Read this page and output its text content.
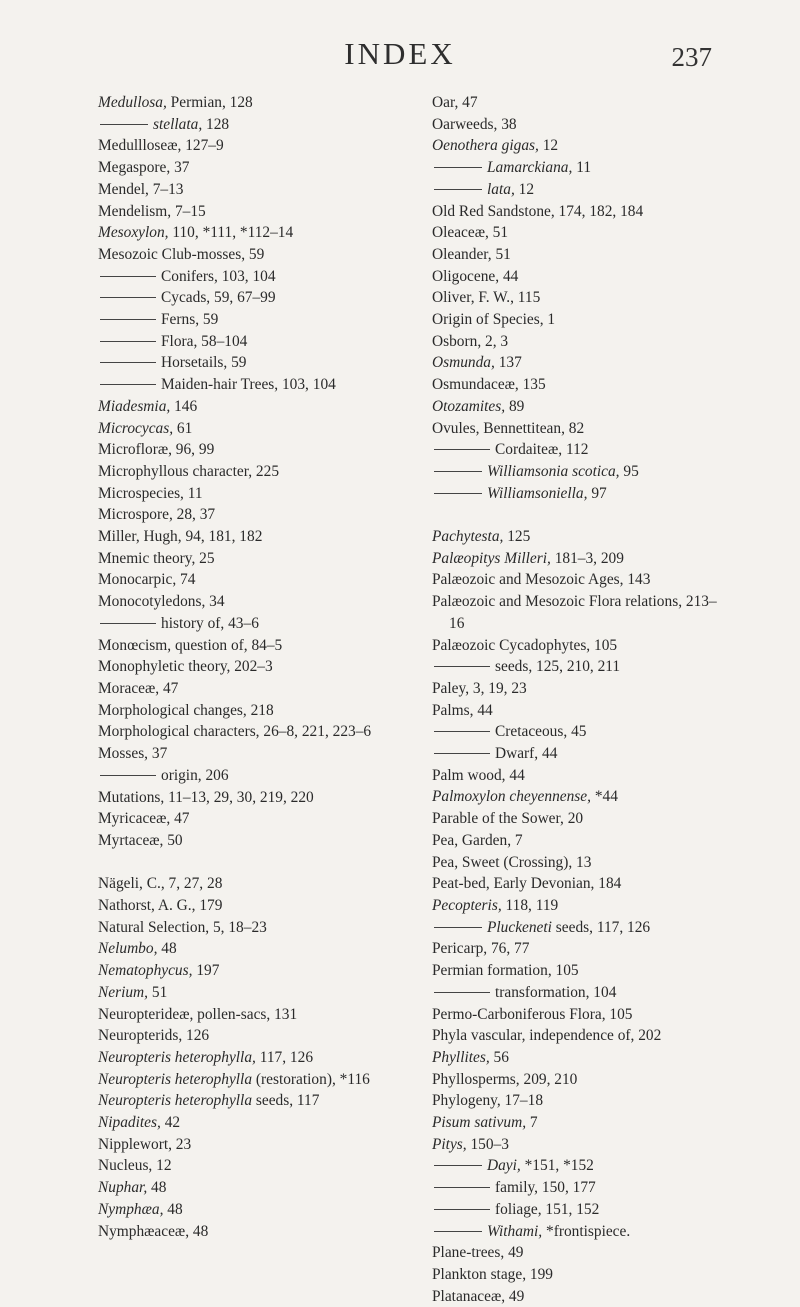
INDEX	237
Medullosa, Permian, 128
stellata, 128
Medullloseæ, 127–9
Megaspore, 37
Mendel, 7–13
Mendelism, 7–15
Mesoxylon, 110, *111, *112–14
Mesozoic Club-mosses, 59
Conifers, 103, 104
Cycads, 59, 67–99
Ferns, 59
Flora, 58–104
Horsetails, 59
Maiden-hair Trees, 103, 104
Miadesmia, 146
Microcycas, 61
Microfloræ, 96, 99
Microphyllous character, 225
Microspecies, 11
Microspore, 28, 37
Miller, Hugh, 94, 181, 182
Mnemic theory, 25
Monocarpic, 74
Monocotyledons, 34
history of, 43–6
Monœcism, question of, 84–5
Monophyletic theory, 202–3
Moraceæ, 47
Morphological changes, 218
Morphological characters, 26–8, 221, 223–6
Mosses, 37
origin, 206
Mutations, 11–13, 29, 30, 219, 220
Myricaceæ, 47
Myrtaceæ, 50
Nägeli, C., 7, 27, 28
Nathorst, A. G., 179
Natural Selection, 5, 18–23
Nelumbo, 48
Nematophycus, 197
Nerium, 51
Neuropterideæ, pollen-sacs, 131
Neuropterids, 126
Neuropteris heterophylla, 117, 126
Neuropteris heterophylla (restoration), *116
Neuropteris heterophylla seeds, 117
Nipadites, 42
Nipplewort, 23
Nucleus, 12
Nuphar, 48
Nymphæa, 48
Nymphæaceæ, 48
Oar, 47
Oarweeds, 38
Oenothera gigas, 12
Lamarckiana, 11
lata, 12
Old Red Sandstone, 174, 182, 184
Oleaceæ, 51
Oleander, 51
Oligocene, 44
Oliver, F. W., 115
Origin of Species, 1
Osborn, 2, 3
Osmunda, 137
Osmundaceæ, 135
Otozamites, 89
Ovules, Bennettitean, 82
Cordaiteæ, 112
Williamsonia scotica, 95
Williamsoniella, 97
Pachytesta, 125
Palæopitys Milleri, 181–3, 209
Palæozoic and Mesozoic Ages, 143
Palæozoic and Mesozoic Flora relations, 213–16
Palæozoic Cycadophytes, 105
seeds, 125, 210, 211
Paley, 3, 19, 23
Palms, 44
Cretaceous, 45
Dwarf, 44
Palm wood, 44
Palmoxylon cheyennense, *44
Parable of the Sower, 20
Pea, Garden, 7
Pea, Sweet (Crossing), 13
Peat-bed, Early Devonian, 184
Pecopteris, 118, 119
Pluckeneti seeds, 117, 126
Pericarp, 76, 77
Permian formation, 105
transformation, 104
Permo-Carboniferous Flora, 105
Phyla vascular, independence of, 202
Phyllites, 56
Phyllosperms, 209, 210
Phylogeny, 17–18
Pisum sativum, 7
Pitys, 150–3
Dayi, *151, *152
family, 150, 177
foliage, 151, 152
Withami, *frontispiece.
Plane-trees, 49
Plankton stage, 199
Platanaceæ, 49
